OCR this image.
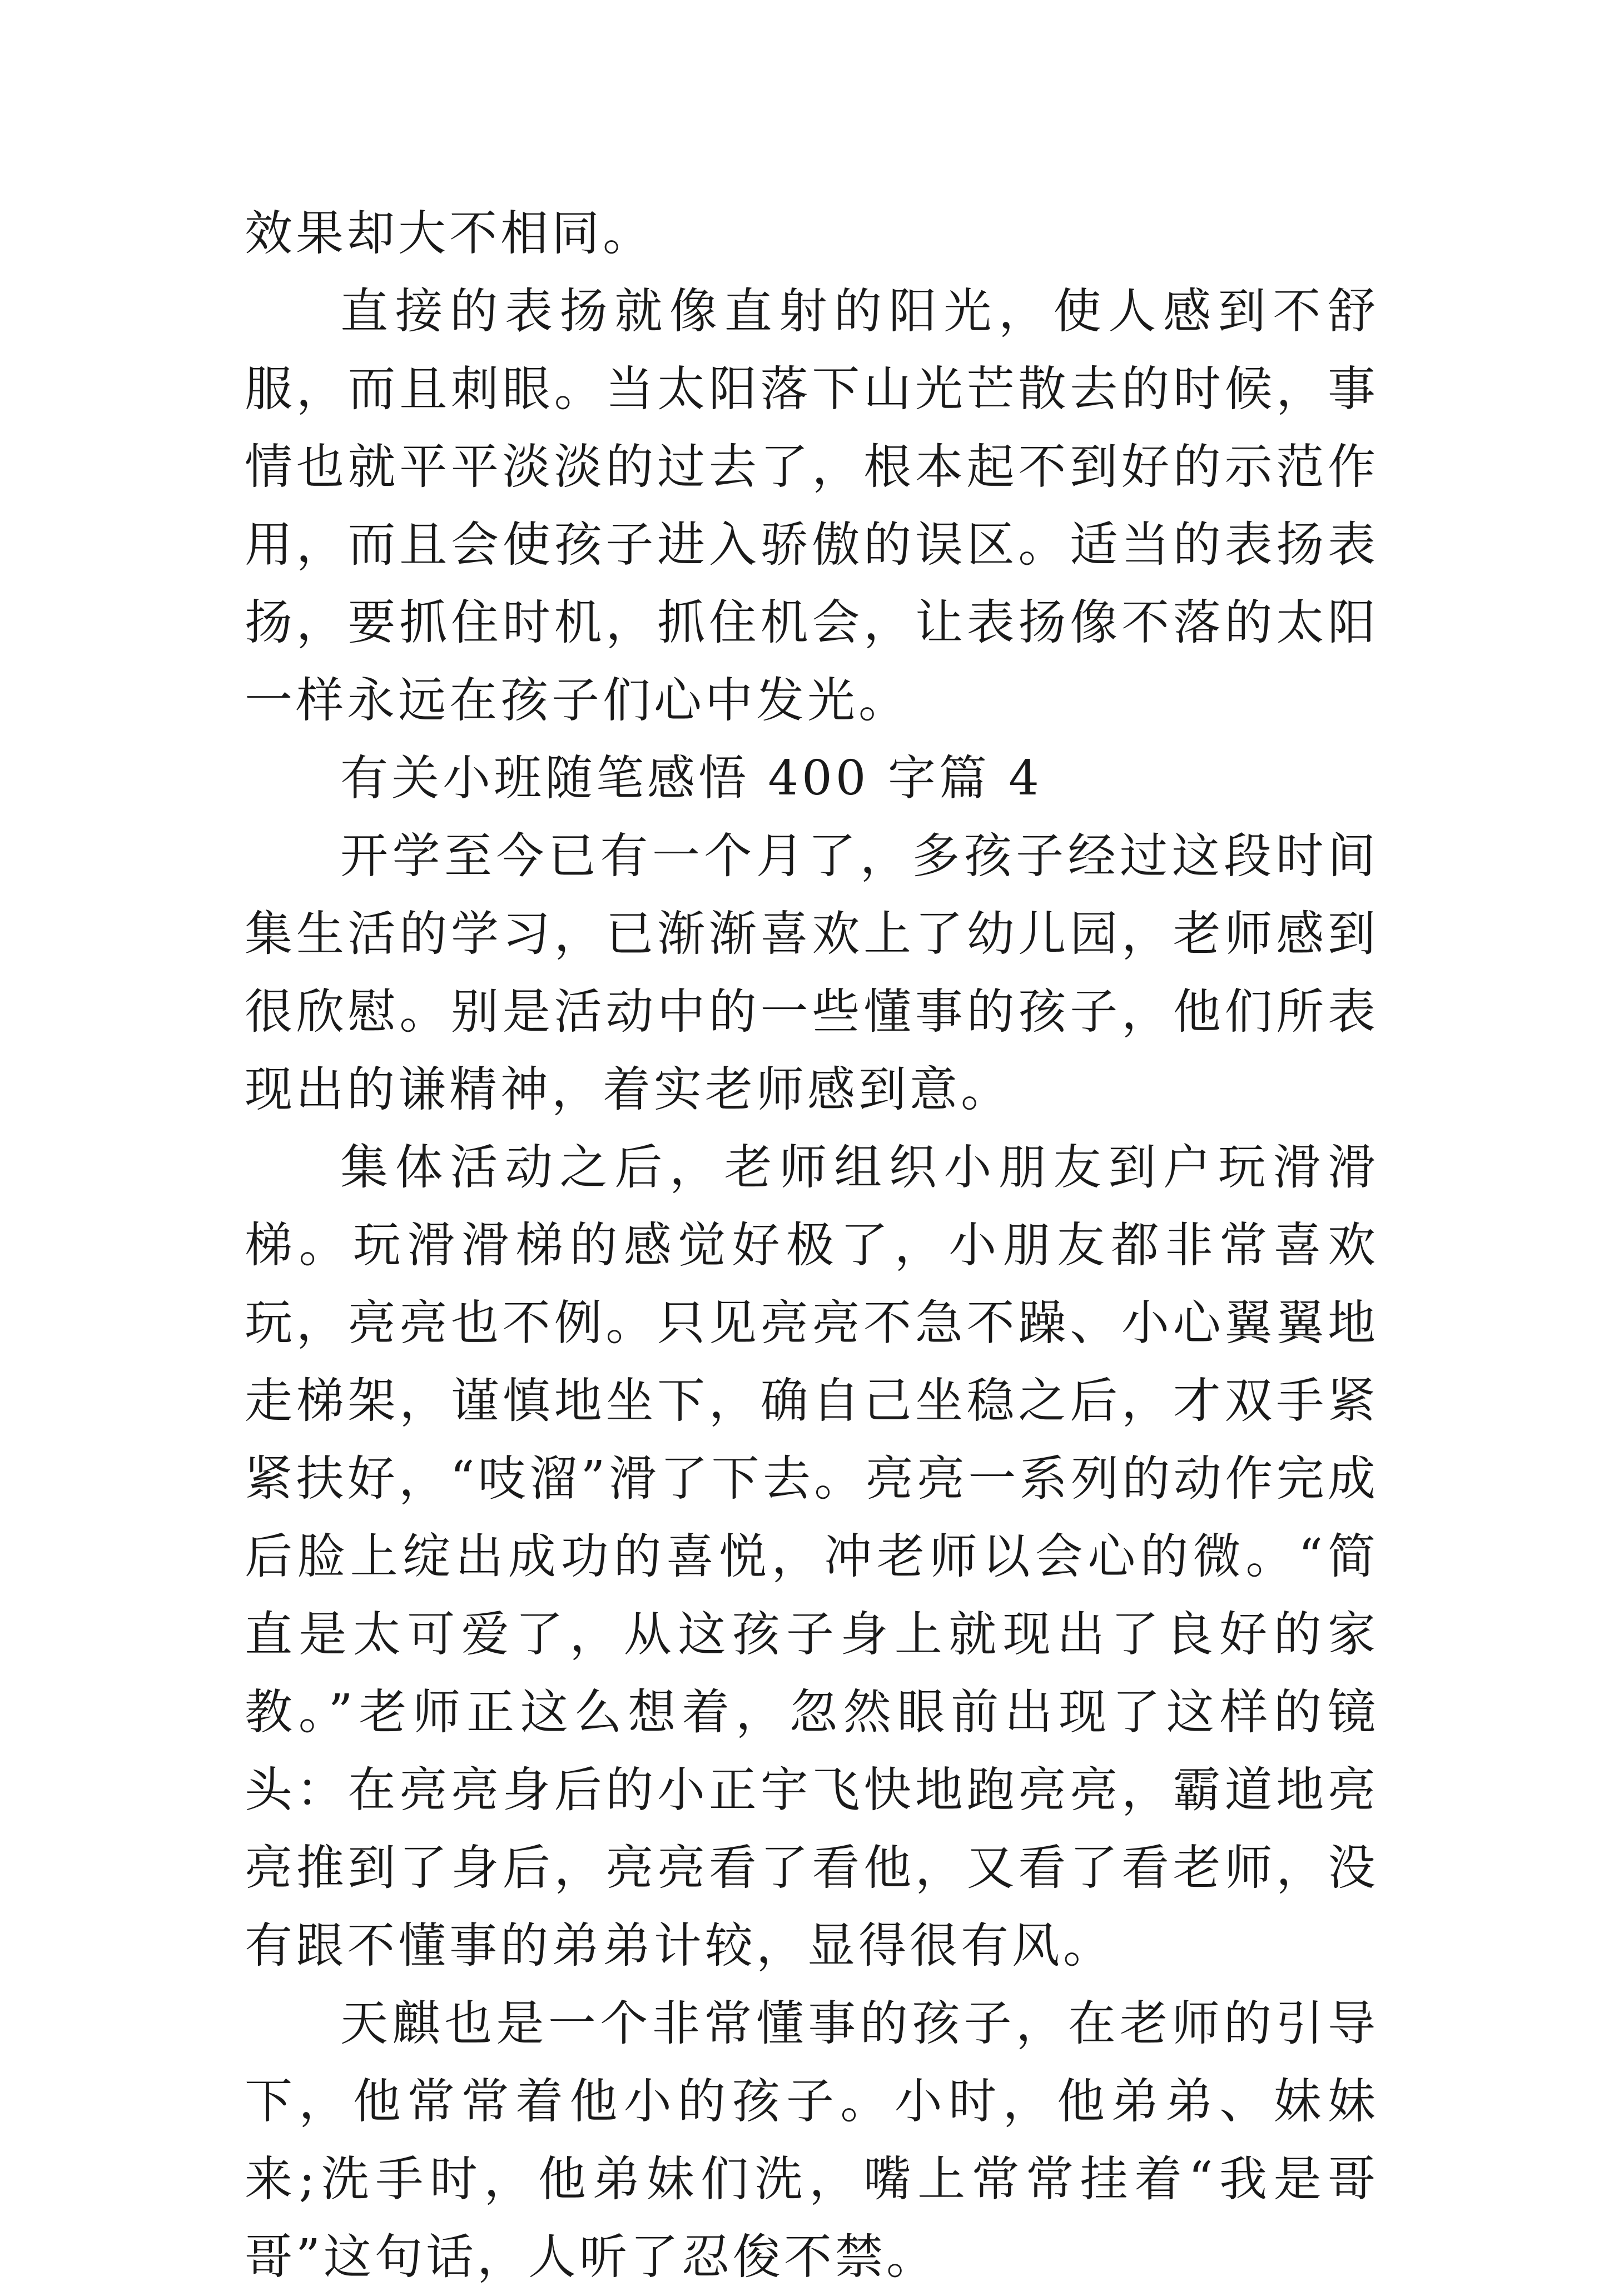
效果却大不相同。

直接的表扬就像直射的阳光，使人感到不舒服，而且刺眼。当太阳落下山光芒散去的时候，事情也就平平淡淡的过去了，根本起不到好的示范作用，而且会使孩子进入骄傲的误区。适当的表扬表扬，要抓住时机，抓住机会，让表扬像不落的太阳一样永远在孩子们心中发光。

有关小班随笔感悟 400 字篇 4

开学至今已有一个月了，多孩子经过这段时间集生活的学习，已渐渐喜欢上了幼儿园，老师感到很欣慰。别是活动中的一些懂事的孩子，他们所表现出的谦精神，着实老师感到意。

集体活动之后，老师组织小朋友到户玩滑滑梯。玩滑滑梯的感觉好极了，小朋友都非常喜欢玩，亮亮也不例。只见亮亮不急不躁、小心翼翼地走梯架，谨慎地坐下，确自己坐稳之后，才双手紧紧扶好，“吱溜”滑了下去。亮亮一系列的动作完成后脸上绽出成功的喜悦，冲老师以会心的微。“简直是太可爱了，从这孩子身上就现出了良好的家教。”老师正这么想着，忽然眼前出现了这样的镜头：在亮亮身后的小正宇飞快地跑亮亮，霸道地亮亮推到了身后，亮亮看了看他，又看了看老师，没有跟不懂事的弟弟计较，显得很有风。

天麒也是一个非常懂事的孩子，在老师的引导下，他常常着他小的孩子。小时，他弟弟、妹妹来;洗手时，他弟妹们洗，嘴上常常挂着“我是哥哥”这句话，人听了忍俊不禁。
